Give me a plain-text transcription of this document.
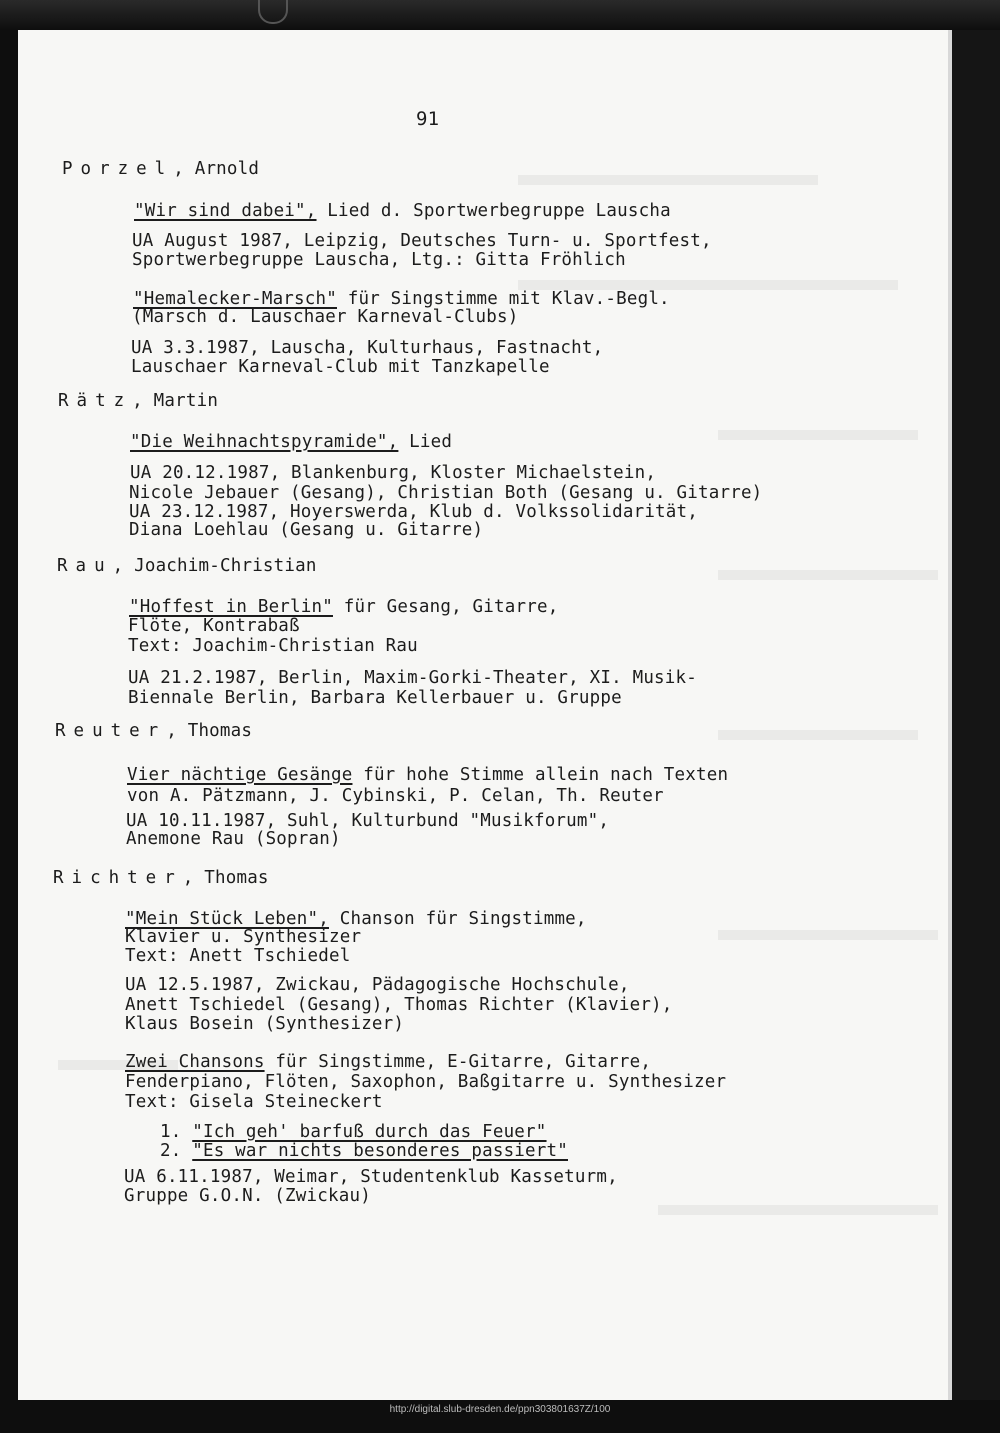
91
Porzel, Arnold
"Wir sind dabei", Lied d. Sportwerbegruppe Lauscha
UA August 1987, Leipzig, Deutsches Turn- u. Sportfest,
Sportwerbegruppe Lauscha, Ltg.: Gitta Fröhlich
"Hemalecker-Marsch" für Singstimme mit Klav.-Begl.
(Marsch d. Lauschaer Karneval-Clubs)
UA 3.3.1987, Lauscha, Kulturhaus, Fastnacht,
Lauschaer Karneval-Club mit Tanzkapelle
Rätz, Martin
"Die Weihnachtspyramide", Lied
UA 20.12.1987, Blankenburg, Kloster Michaelstein,
Nicole Jebauer (Gesang), Christian Both (Gesang u. Gitarre)
UA 23.12.1987, Hoyerswerda, Klub d. Volkssolidarität,
Diana Loehlau (Gesang u. Gitarre)
Rau, Joachim-Christian
"Hoffest in Berlin" für Gesang, Gitarre,
Flöte, Kontrabaß
Text: Joachim-Christian Rau
UA 21.2.1987, Berlin, Maxim-Gorki-Theater, XI. Musik-
Biennale Berlin, Barbara Kellerbauer u. Gruppe
Reuter, Thomas
Vier nächtige Gesänge für hohe Stimme allein nach Texten
von A. Pätzmann, J. Cybinski, P. Celan, Th. Reuter
UA 10.11.1987, Suhl, Kulturbund "Musikforum",
Anemone Rau (Sopran)
Richter, Thomas
"Mein Stück Leben", Chanson für Singstimme,
Klavier u. Synthesizer
Text: Anett Tschiedel
UA 12.5.1987, Zwickau, Pädagogische Hochschule,
Anett Tschiedel (Gesang), Thomas Richter (Klavier),
Klaus Bosein (Synthesizer)
Zwei Chansons für Singstimme, E-Gitarre, Gitarre,
Fenderpiano, Flöten, Saxophon, Baßgitarre u. Synthesizer
Text: Gisela Steineckert
1. "Ich geh' barfuß durch das Feuer"
2. "Es war nichts besonderes passiert"
UA 6.11.1987, Weimar, Studentenklub Kasseturm,
Gruppe G.O.N. (Zwickau)
http://digital.slub-dresden.de/ppn303801637Z/100
